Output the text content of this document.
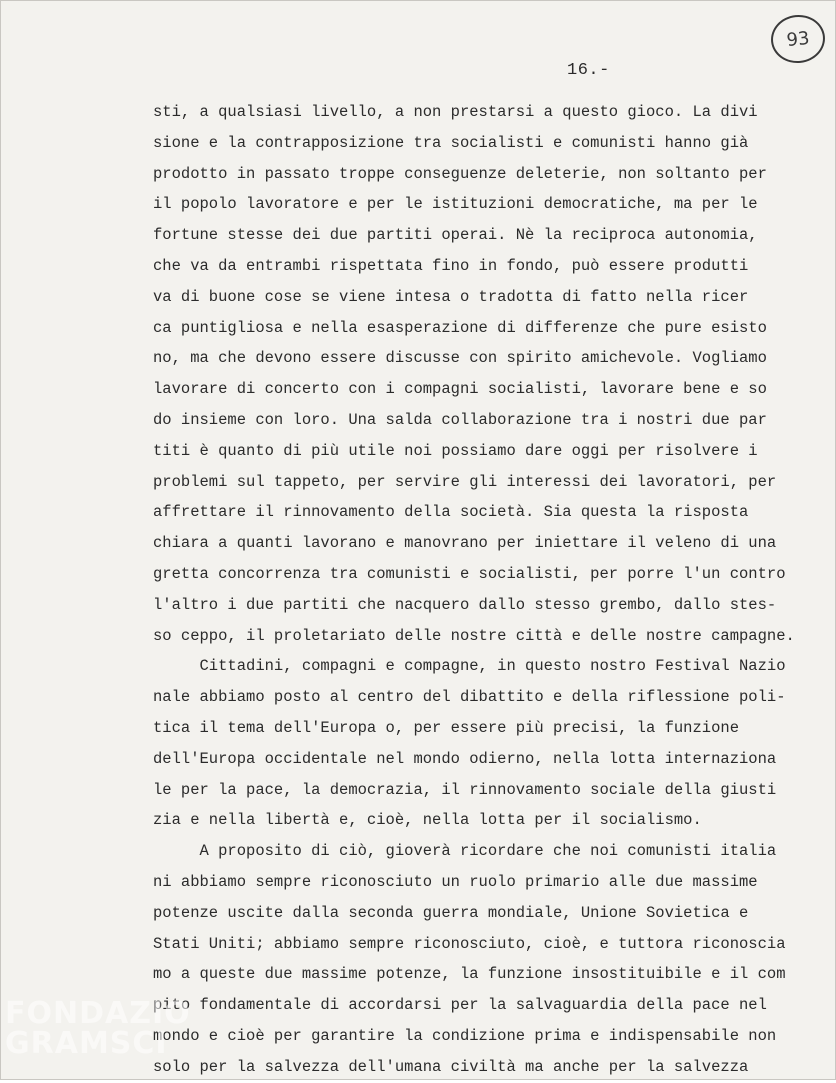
93
16.-
sti, a qualsiasi livello, a non prestarsi a questo gioco. La divi
sione e la contrapposizione tra socialisti e comunisti hanno già
prodotto in passato troppe conseguenze deleterie, non soltanto per
il popolo lavoratore e per le istituzioni democratiche, ma per le
fortune stesse dei due partiti operai. Nè la reciproca autonomia,
che va da entrambi rispettata fino in fondo, può essere produtti
va di buone cose se viene intesa o tradotta di fatto nella ricer
ca puntigliosa e nella esasperazione di differenze che pure esisto
no, ma che devono essere discusse con spirito amichevole. Vogliamo
lavorare di concerto con i compagni socialisti, lavorare bene e so
do insieme con loro. Una salda collaborazione tra i nostri due par
titi è quanto di più utile noi possiamo dare oggi per risolvere i
problemi sul tappeto, per servire gli interessi dei lavoratori, per
affrettare il rinnovamento della società. Sia questa la risposta
chiara a quanti lavorano e manovrano per iniettare il veleno di una
gretta concorrenza tra comunisti e socialisti, per porre l'un contro
l'altro i due partiti che nacquero dallo stesso grembo, dallo stes-
so ceppo, il proletariato delle nostre città e delle nostre campagne.
Cittadini, compagni e compagne, in questo nostro Festival Nazio
nale abbiamo posto al centro del dibattito e della riflessione poli-
tica il tema dell'Europa o, per essere più precisi, la funzione
dell'Europa occidentale nel mondo odierno, nella lotta internaziona
le per la pace, la democrazia, il rinnovamento sociale della giusti
zia e nella libertà e, cioè, nella lotta per il socialismo.
A proposito di ciò, gioverà ricordare che noi comunisti italia
ni abbiamo sempre riconosciuto un ruolo primario alle due massime
potenze uscite dalla seconda guerra mondiale, Unione Sovietica e
Stati Uniti; abbiamo sempre riconosciuto, cioè, e tuttora riconoscia
mo a queste due massime potenze, la funzione insostituibile e il com
pito fondamentale di accordarsi per la salvaguardia della pace nel
mondo e cioè per garantire la condizione prima e indispensabile non
solo per la salvezza dell'umana civiltà ma anche per la salvezza
FONDAZIO
GRAMSCI
